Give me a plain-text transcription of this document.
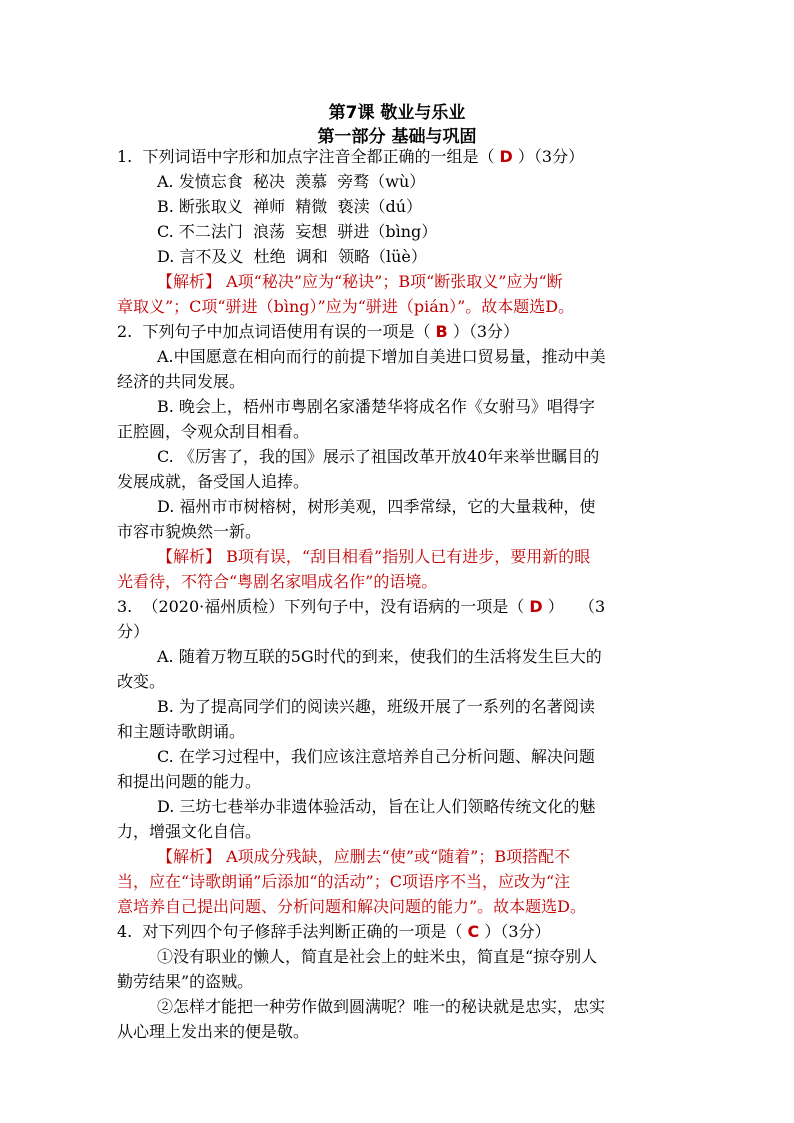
第7课 敬业与乐业
第一部分 基础与巩固
1.  下列词语中字形和加点字注音全都正确的一组是（ D ）（3分）
A. 发愤忘食  秘决  羡慕  旁骛（wù）
B. 断张取义  禅师  精微  亵渎（dú）
C. 不二法门  浪荡  妄想  骈进（bìng）
D. 言不及义  杜绝  调和  领略（lüè）
【解析】 A项“秘决”应为“秘诀”；B项“断张取义”应为“断
章取义”；C项“骈进（bìng）”应为“骈进（pián）”。故本题选D。
2.  下列句子中加点词语使用有误的一项是（ B ）（3分）
A.中国愿意在相向而行的前提下增加自美进口贸易量，推动中美
经济的共同发展。
B. 晚会上，梧州市粤剧名家潘楚华将成名作《女驸马》唱得字
正腔圆，令观众刮目相看。
C. 《厉害了，我的国》展示了祖国改革开放40年来举世瞩目的
发展成就，备受国人追捧。
D. 福州市市树榕树，树形美观，四季常绿，它的大量栽种，使
市容市貌焕然一新。
【解析】 B项有误，“刮目相看”指别人已有进步，要用新的眼
光看待，不符合“粤剧名家唱成名作”的语境。
3.  （2020·福州质检）下列句子中，没有语病的一项是（ D ）   （3
分）
A. 随着万物互联的5G时代的到来，使我们的生活将发生巨大的
改变。
B. 为了提高同学们的阅读兴趣，班级开展了一系列的名著阅读
和主题诗歌朗诵。
C. 在学习过程中，我们应该注意培养自己分析问题、解决问题
和提出问题的能力。
D. 三坊七巷举办非遗体验活动，旨在让人们领略传统文化的魅
力，增强文化自信。
【解析】 A项成分残缺，应删去“使”或“随着”；B项搭配不
当，应在“诗歌朗诵”后添加“的活动”；C项语序不当，应改为“注
意培养自己提出问题、分析问题和解决问题的能力”。故本题选D。
4.  对下列四个句子修辞手法判断正确的一项是（ C ）（3分）
①没有职业的懒人，简直是社会上的蛀米虫，简直是“掠夺别人
勤劳结果”的盗贼。
②怎样才能把一种劳作做到圆满呢？唯一的秘诀就是忠实，忠实
从心理上发出来的便是敬。
